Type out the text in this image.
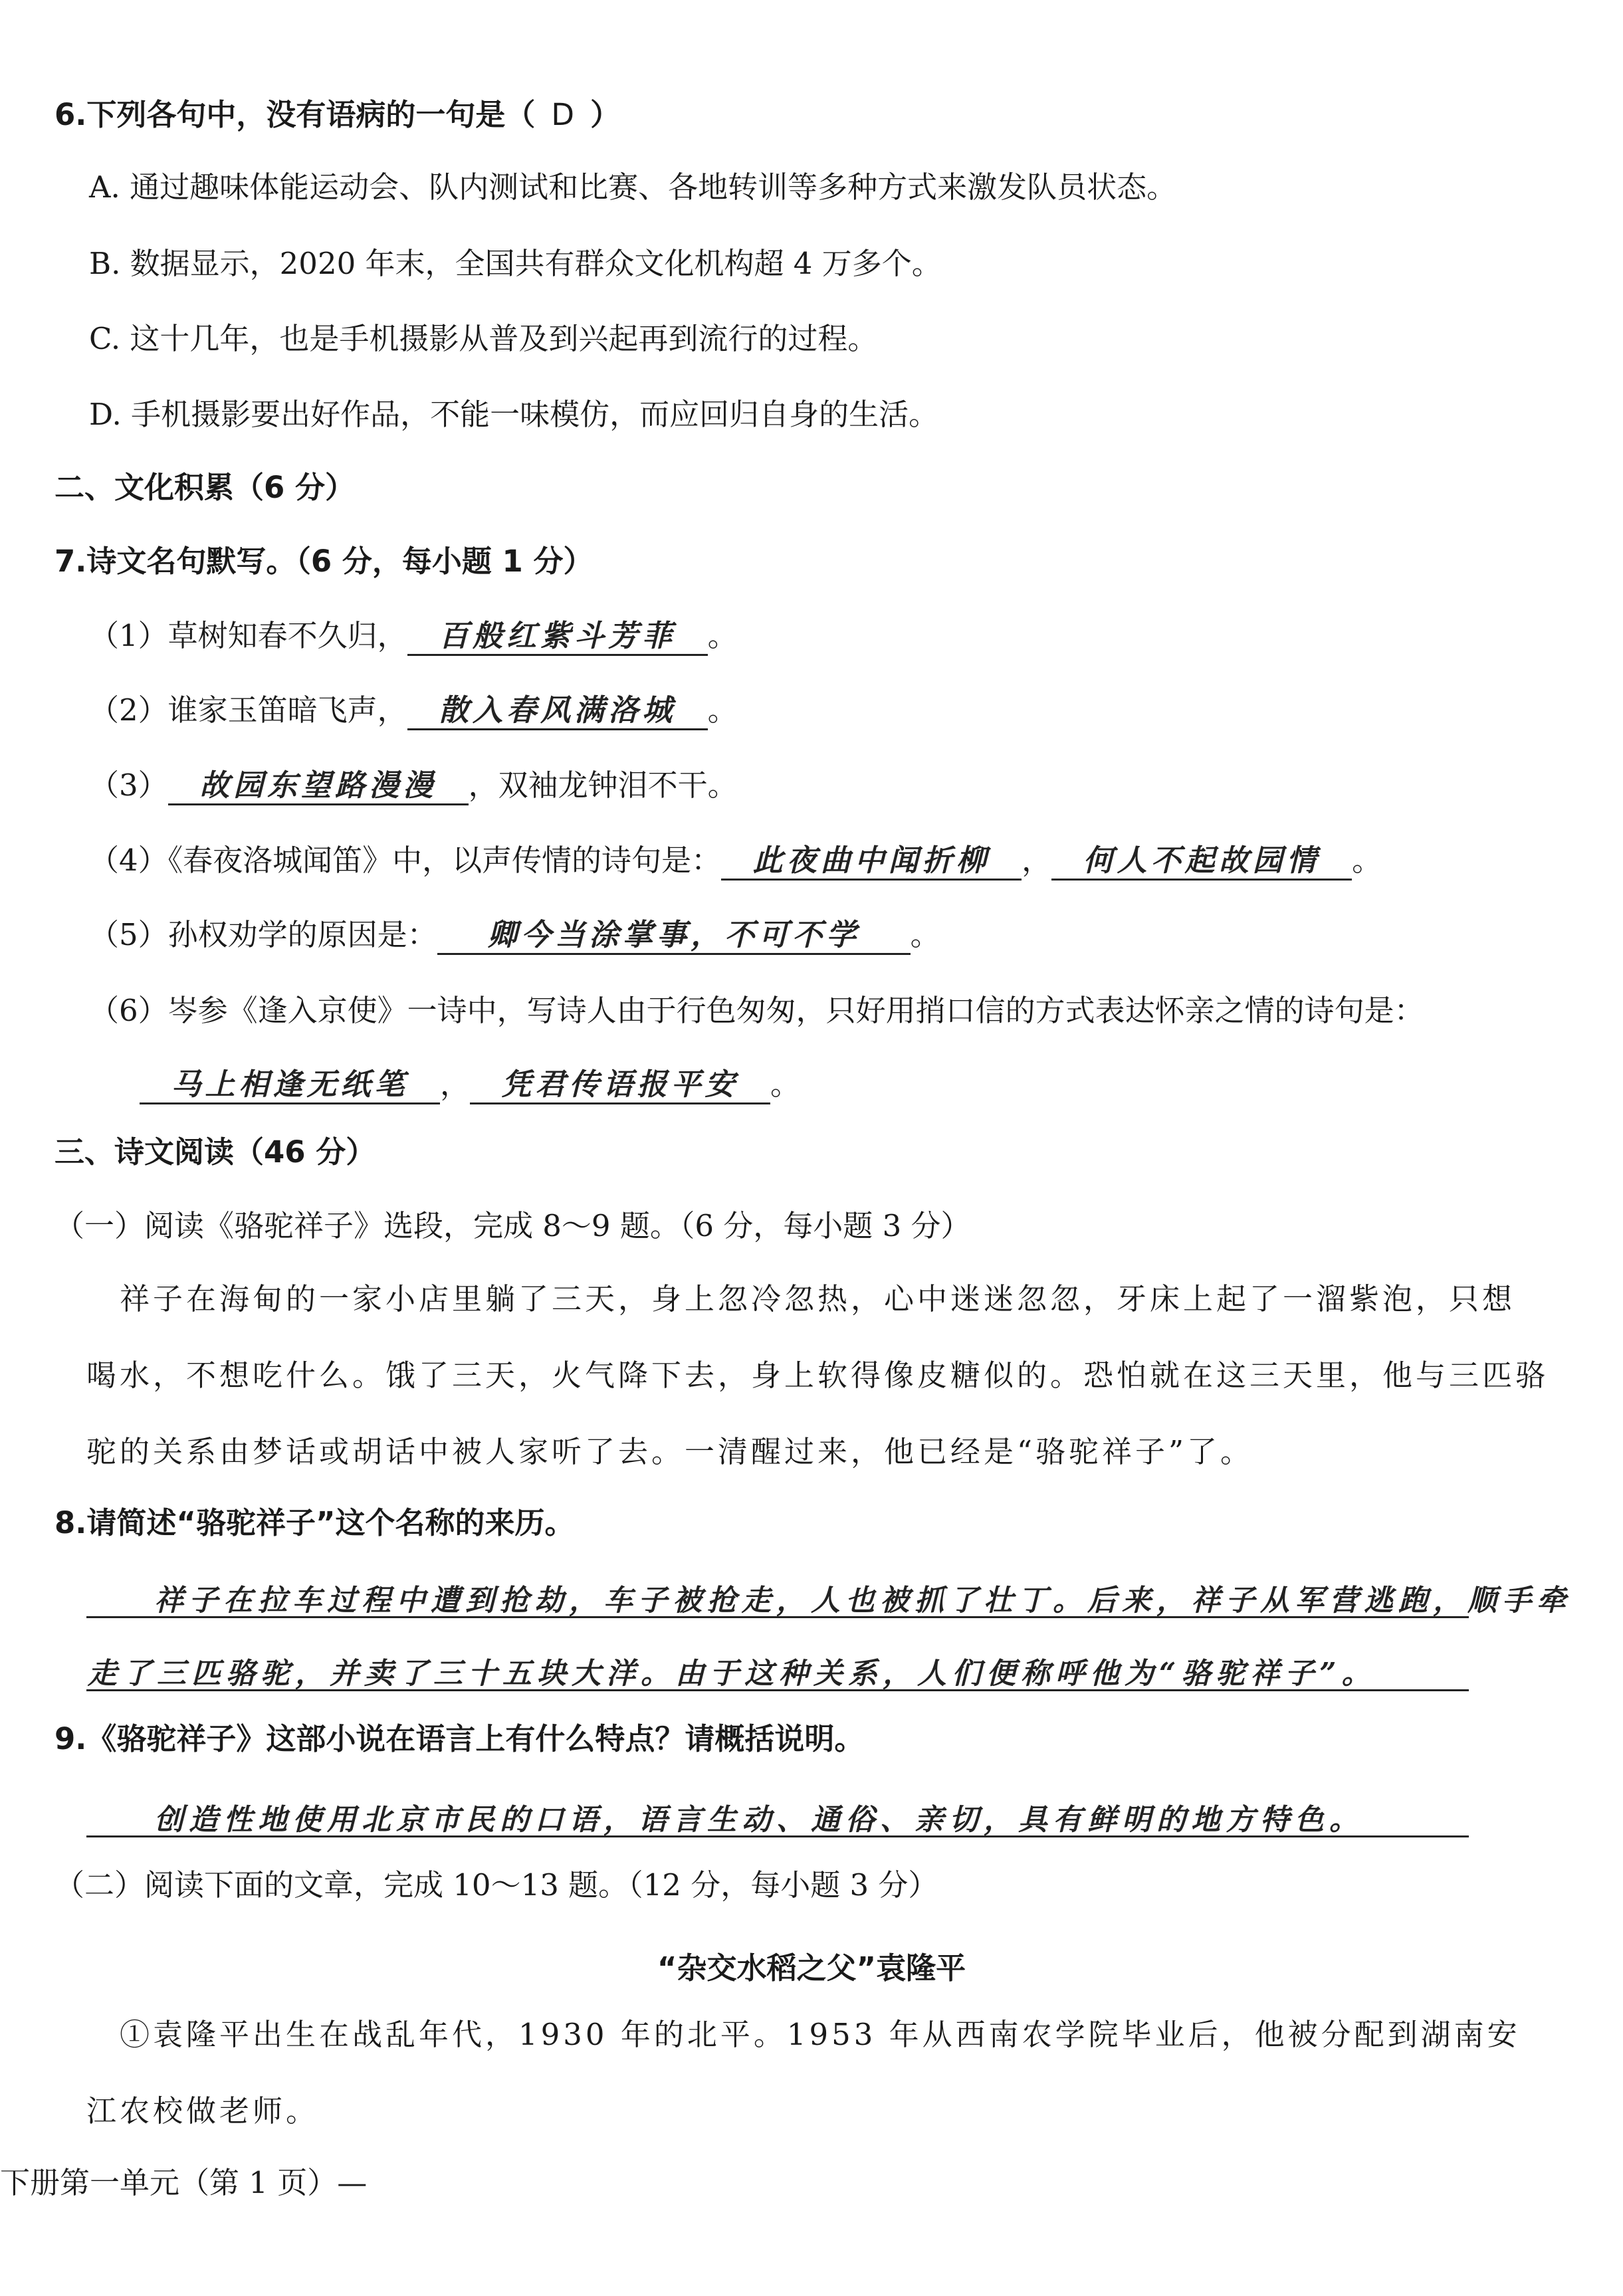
6.下列各句中，没有语病的一句是（ D ）
A. 通过趣味体能运动会、队内测试和比赛、各地转训等多种方式来激发队员状态。
B. 数据显示，2020 年末，全国共有群众文化机构超 4 万多个。
C. 这十几年，也是手机摄影从普及到兴起再到流行的过程。
D. 手机摄影要出好作品，不能一味模仿，而应回归自身的生活。
二、文化积累（6 分）
7.诗文名句默写。（6 分，每小题 1 分）
（1）草树知春不久归， 百般红紫斗芳菲 。
（2）谁家玉笛暗飞声， 散入春风满洛城 。
（3） 故园东望路漫漫 ，双袖龙钟泪不干。
（4）《春夜洛城闻笛》中，以声传情的诗句是： 此夜曲中闻折柳 ， 何人不起故园情 。
（5）孙权劝学的原因是： 卿今当涂掌事，不可不学 。
（6）岑参《逢入京使》一诗中，写诗人由于行色匆匆，只好用捎口信的方式表达怀亲之情的诗句是：
马上相逢无纸笔 ， 凭君传语报平安 。
三、诗文阅读（46 分）
（一）阅读《骆驼祥子》选段，完成 8～9 题。（6 分，每小题 3 分）
祥子在海甸的一家小店里躺了三天，身上忽冷忽热，心中迷迷忽忽，牙床上起了一溜紫泡，只想
喝水，不想吃什么。饿了三天，火气降下去，身上软得像皮糖似的。恐怕就在这三天里，他与三匹骆
驼的关系由梦话或胡话中被人家听了去。一清醒过来，他已经是“骆驼祥子”了。
8.请简述“骆驼祥子”这个名称的来历。
祥子在拉车过程中遭到抢劫，车子被抢走，人也被抓了壮丁。后来，祥子从军营逃跑，顺手牵
走了三匹骆驼，并卖了三十五块大洋。由于这种关系，人们便称呼他为“骆驼祥子”。
9.《骆驼祥子》这部小说在语言上有什么特点？请概括说明。
创造性地使用北京市民的口语，语言生动、通俗、亲切，具有鲜明的地方特色。
（二）阅读下面的文章，完成 10～13 题。（12 分，每小题 3 分）
“杂交水稻之父”袁隆平
①袁隆平出生在战乱年代，1930 年的北平。1953 年从西南农学院毕业后，他被分配到湖南安
江农校做老师。
下册第一单元（第 1 页）—
